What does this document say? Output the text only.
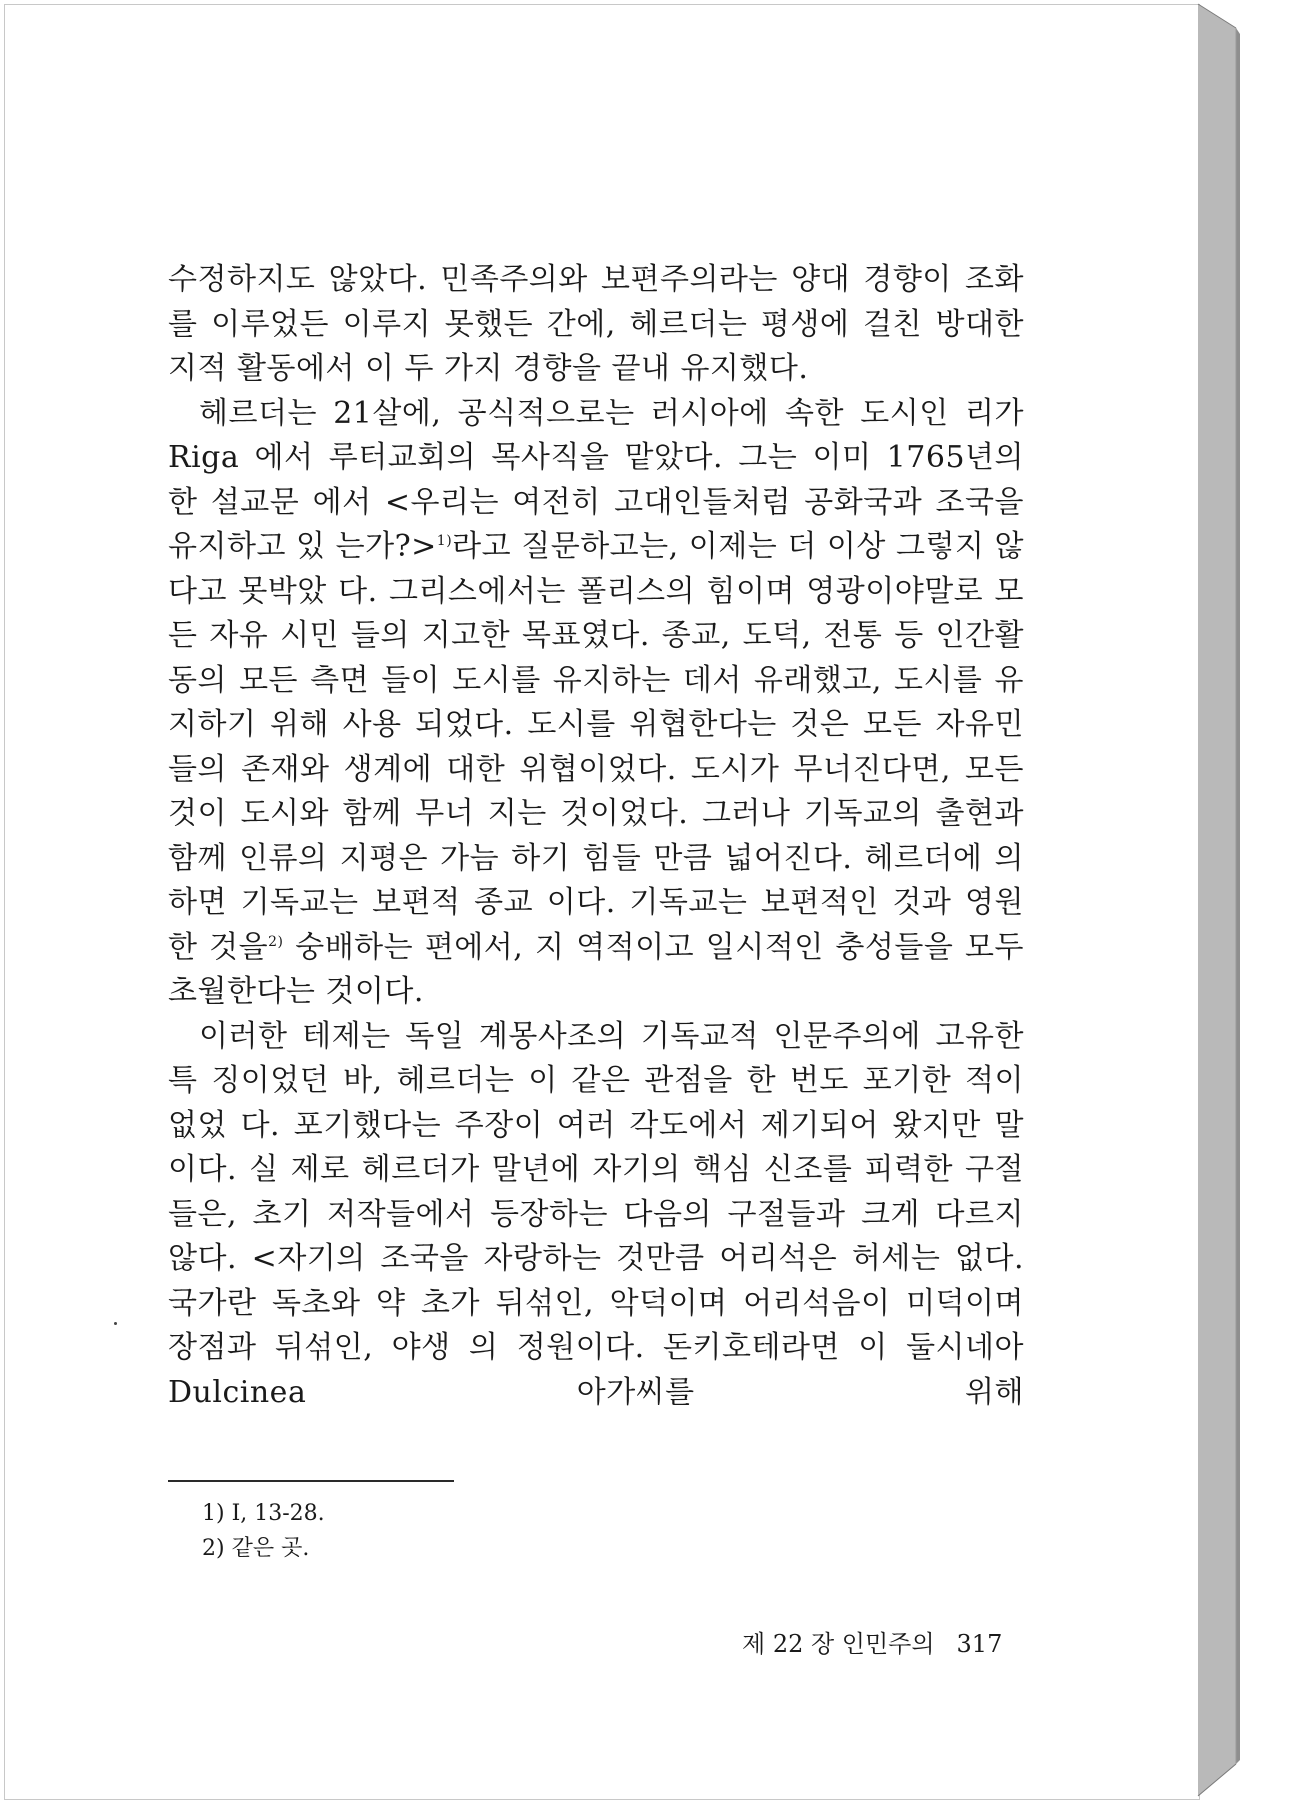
수정하지도 않았다. 민족주의와 보편주의라는 양대 경향이 조화를 이루었든 이루지 못했든 간에, 헤르더는 평생에 걸친 방대한 지적 활동에서 이 두 가지 경향을 끝내 유지했다.

헤르더는 21살에, 공식적으로는 러시아에 속한 도시인 리가 Riga 에서 루터교회의 목사직을 맡았다. 그는 이미 1765년의 한 설교문 에서 <우리는 여전히 고대인들처럼 공화국과 조국을 유지하고 있 는가?>$^{1)}$라고 질문하고는, 이제는 더 이상 그렇지 않다고 못박았 다. 그리스에서는 폴리스의 힘이며 영광이야말로 모든 자유 시민 들의 지고한 목표였다. 종교, 도덕, 전통 등 인간활동의 모든 측면 들이 도시를 유지하는 데서 유래했고, 도시를 유지하기 위해 사용 되었다. 도시를 위협한다는 것은 모든 자유민들의 존재와 생계에 대한 위협이었다. 도시가 무너진다면, 모든 것이 도시와 함께 무너 지는 것이었다. 그러나 기독교의 출현과 함께 인류의 지평은 가늠 하기 힘들 만큼 넓어진다. 헤르더에 의하면 기독교는 보편적 종교 이다. 기독교는 보편적인 것과 영원한 것을$^{2)}$ 숭배하는 편에서, 지 역적이고 일시적인 충성들을 모두 초월한다는 것이다.

이러한 테제는 독일 계몽사조의 기독교적 인문주의에 고유한 특 징이었던 바, 헤르더는 이 같은 관점을 한 번도 포기한 적이 없었 다. 포기했다는 주장이 여러 각도에서 제기되어 왔지만 말이다. 실 제로 헤르더가 말년에 자기의 핵심 신조를 피력한 구절들은, 초기 저작들에서 등장하는 다음의 구절들과 크게 다르지 않다. <자기의 조국을 자랑하는 것만큼 어리석은 허세는 없다. 국가란 독초와 약 초가 뒤섞인, 악덕이며 어리석음이 미덕이며 장점과 뒤섞인, 야생 의 정원이다. 돈키호테라면 이 둘시네아 Dulcinea 아가씨를 위해

1) I, 13-28.
2) 같은 곳.
제 22 장 인민주의 317
